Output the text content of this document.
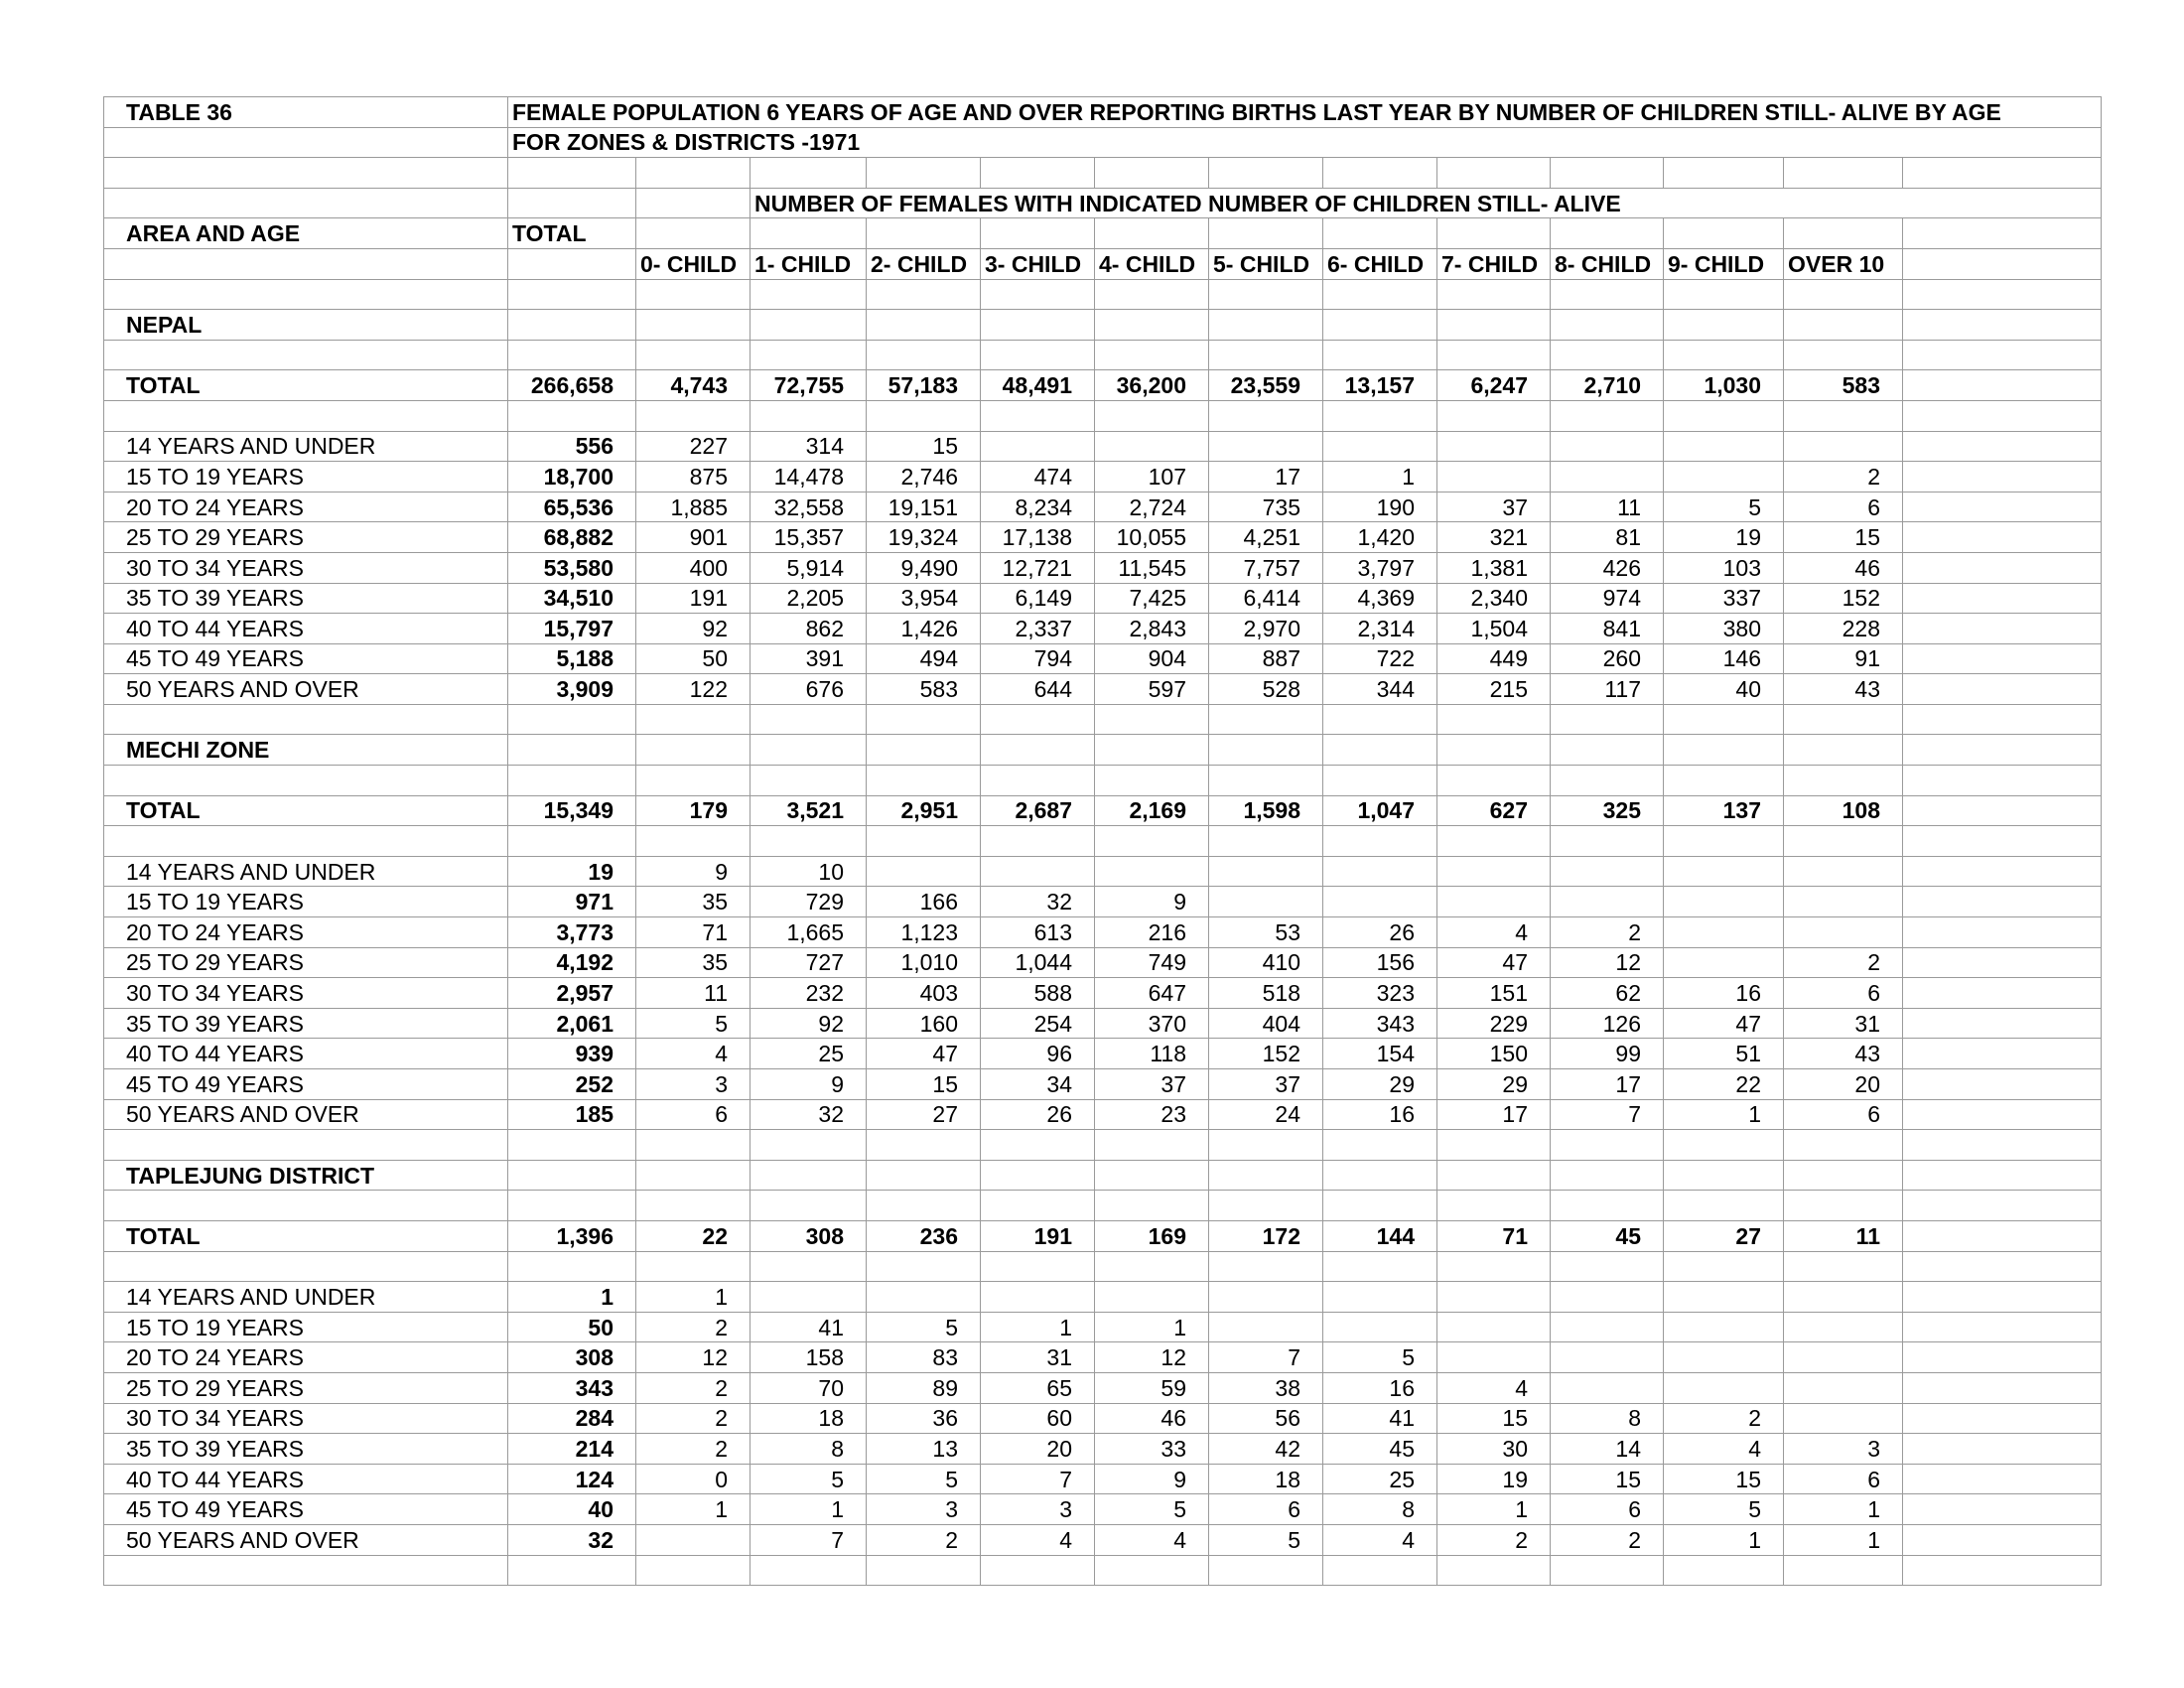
TABLE 36	FEMALE POPULATION 6 YEARS OF AGE AND OVER REPORTING BIRTHS LAST YEAR BY NUMBER OF CHILDREN STILL- ALIVE BY AGE												
	FOR ZONES & DISTRICTS -1971												

			NUMBER OF FEMALES WITH INDICATED NUMBER OF CHILDREN STILL- ALIVE										
AREA AND AGE	TOTAL												
		0- CHILD	1- CHILD	2- CHILD	3- CHILD	4- CHILD	5- CHILD	6- CHILD	7- CHILD	8- CHILD	9- CHILD	OVER 10	

NEPAL													

TOTAL	266,658	4,743	72,755	57,183	48,491	36,200	23,559	13,157	6,247	2,710	1,030	583	

14 YEARS AND UNDER	556	227	314	15									
15 TO 19 YEARS	18,700	875	14,478	2,746	474	107	17	1				2	
20 TO 24 YEARS	65,536	1,885	32,558	19,151	8,234	2,724	735	190	37	11	5	6	
25 TO 29 YEARS	68,882	901	15,357	19,324	17,138	10,055	4,251	1,420	321	81	19	15	
30 TO 34 YEARS	53,580	400	5,914	9,490	12,721	11,545	7,757	3,797	1,381	426	103	46	
35 TO 39 YEARS	34,510	191	2,205	3,954	6,149	7,425	6,414	4,369	2,340	974	337	152	
40 TO 44 YEARS	15,797	92	862	1,426	2,337	2,843	2,970	2,314	1,504	841	380	228	
45 TO 49 YEARS	5,188	50	391	494	794	904	887	722	449	260	146	91	
50 YEARS AND OVER	3,909	122	676	583	644	597	528	344	215	117	40	43	

MECHI ZONE													

TOTAL	15,349	179	3,521	2,951	2,687	2,169	1,598	1,047	627	325	137	108	

14 YEARS AND UNDER	19	9	10										
15 TO 19 YEARS	971	35	729	166	32	9							
20 TO 24 YEARS	3,773	71	1,665	1,123	613	216	53	26	4	2			
25 TO 29 YEARS	4,192	35	727	1,010	1,044	749	410	156	47	12		2	
30 TO 34 YEARS	2,957	11	232	403	588	647	518	323	151	62	16	6	
35 TO 39 YEARS	2,061	5	92	160	254	370	404	343	229	126	47	31	
40 TO 44 YEARS	939	4	25	47	96	118	152	154	150	99	51	43	
45 TO 49 YEARS	252	3	9	15	34	37	37	29	29	17	22	20	
50 YEARS AND OVER	185	6	32	27	26	23	24	16	17	7	1	6	

TAPLEJUNG DISTRICT													

TOTAL	1,396	22	308	236	191	169	172	144	71	45	27	11	

14 YEARS AND UNDER	1	1											
15 TO 19 YEARS	50	2	41	5	1	1							
20 TO 24 YEARS	308	12	158	83	31	12	7	5					
25 TO 29 YEARS	343	2	70	89	65	59	38	16	4				
30 TO 34 YEARS	284	2	18	36	60	46	56	41	15	8	2		
35 TO 39 YEARS	214	2	8	13	20	33	42	45	30	14	4	3	
40 TO 44 YEARS	124	0	5	5	7	9	18	25	19	15	15	6	
45 TO 49 YEARS	40	1	1	3	3	5	6	8	1	6	5	1	
50 YEARS AND OVER	32		7	2	4	4	5	4	2	2	1	1	
